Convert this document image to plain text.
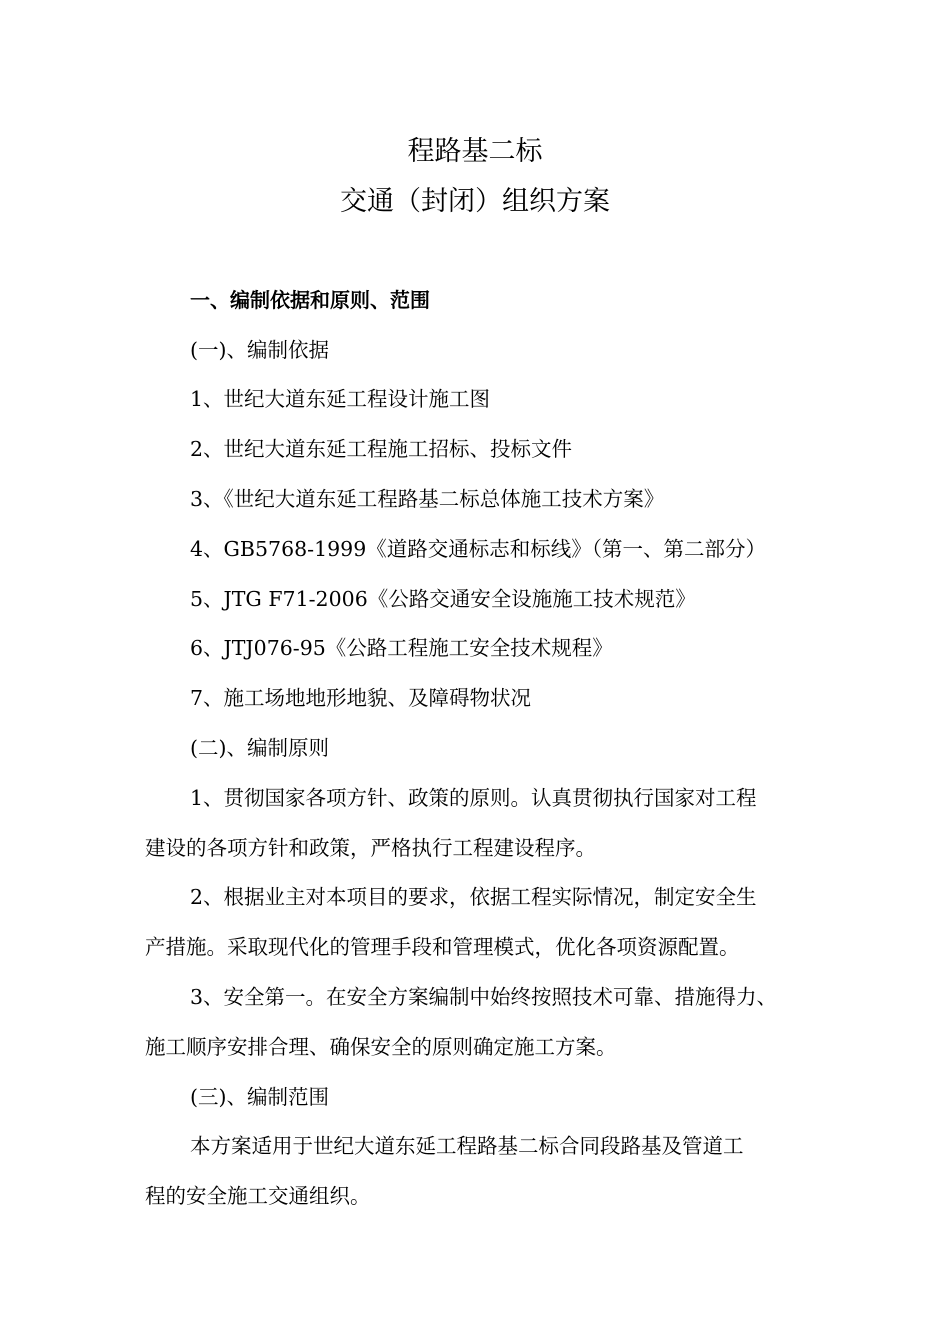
程路基二标
交通（封闭）组织方案
一、编制依据和原则、范围
(一)、编制依据
1、世纪大道东延工程设计施工图
2、世纪大道东延工程施工招标、投标文件
3、《世纪大道东延工程路基二标总体施工技术方案》
4、GB5768-1999《道路交通标志和标线》（第一、第二部分）
5、JTG F71-2006《公路交通安全设施施工技术规范》
6、JTJ076-95《公路工程施工安全技术规程》
7、施工场地地形地貌、及障碍物状况
(二)、编制原则
1、贯彻国家各项方针、政策的原则。认真贯彻执行国家对工程
建设的各项方针和政策，严格执行工程建设程序。
2、根据业主对本项目的要求，依据工程实际情况，制定安全生
产措施。采取现代化的管理手段和管理模式，优化各项资源配置。
3、安全第一。在安全方案编制中始终按照技术可靠、措施得力、
施工顺序安排合理、确保安全的原则确定施工方案。
(三)、编制范围
本方案适用于世纪大道东延工程路基二标合同段路基及管道工
程的安全施工交通组织。
